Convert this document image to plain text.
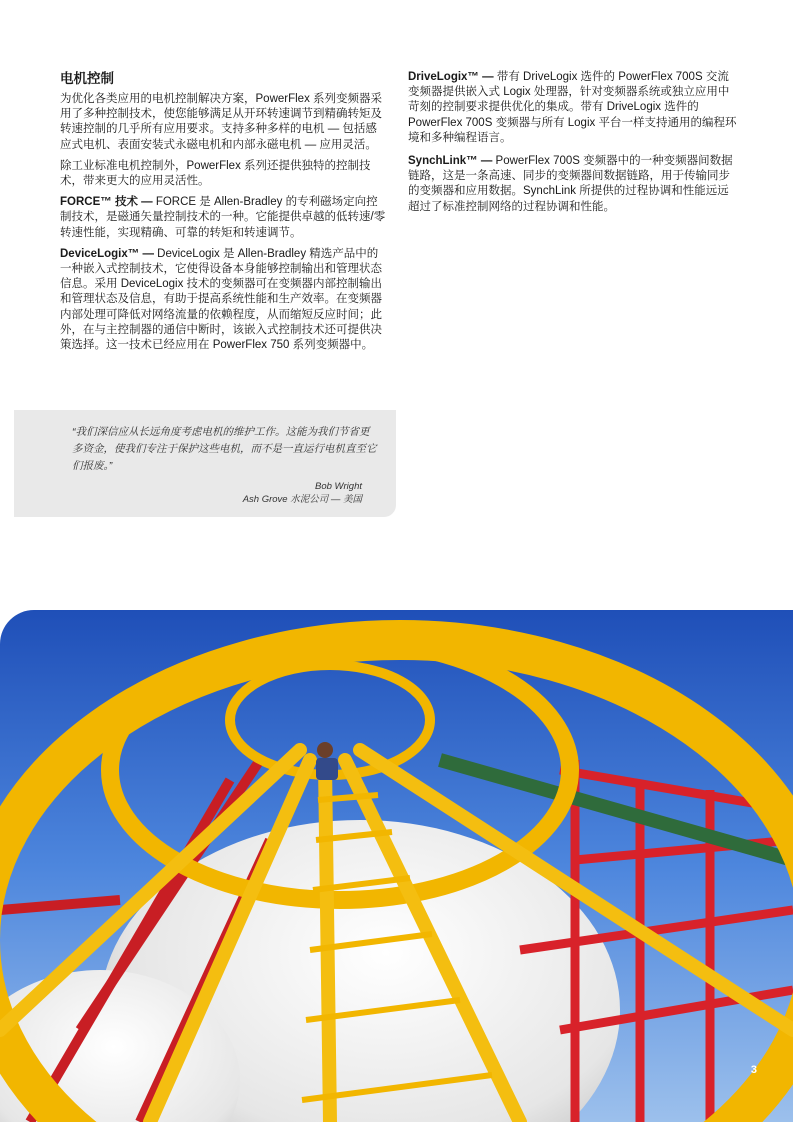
电机控制

为优化各类应用的电机控制解决方案，PowerFlex 系列变频器采用了多种控制技术，使您能够满足从开环转速调节到精确转矩及转速控制的几乎所有应用要求。支持多种多样的电机 — 包括感应式电机、表面安装式永磁电机和内部永磁电机 — 应用灵活。

除工业标准电机控制外，PowerFlex 系列还提供独特的控制技术，带来更大的应用灵活性。

FORCE™ 技术 — FORCE 是 Allen-Bradley 的专利磁场定向控制技术，是磁通矢量控制技术的一种。它能提供卓越的低转速/零转速性能，实现精确、可靠的转矩和转速调节。

DeviceLogix™ — DeviceLogix 是 Allen-Bradley 精选产品中的一种嵌入式控制技术，它使得设备本身能够控制输出和管理状态信息。采用 DeviceLogix 技术的变频器可在变频器内部控制输出和管理状态及信息，有助于提高系统性能和生产效率。在变频器内部处理可降低对网络流量的依赖程度，从而缩短反应时间；此外，在与主控制器的通信中断时，该嵌入式控制技术还可提供决策选择。这一技术已经应用在 PowerFlex 750 系列变频器中。

“我们深信应从长远角度考虑电机的维护工作。这能为我们节省更多资金，使我们专注于保护这些电机，而不是一直运行电机直至它们报废。”
Bob Wright
Ash Grove 水泥公司 — 美国

DriveLogix™ — 带有 DriveLogix 选件的 PowerFlex 700S 交流变频器提供嵌入式 Logix 处理器，针对变频器系统或独立应用中苛刻的控制要求提供优化的集成。带有 DriveLogix 选件的 PowerFlex 700S 变频器与所有 Logix 平台一样支持通用的编程环境和多种编程语言。

SynchLink™ — PowerFlex 700S 变频器中的一种变频器间数据链路，这是一条高速、同步的变频器间数据链路，用于传输同步的变频器和应用数据。SynchLink 所提供的过程协调和性能远远超过了标准控制网络的过程协调和性能。

3
